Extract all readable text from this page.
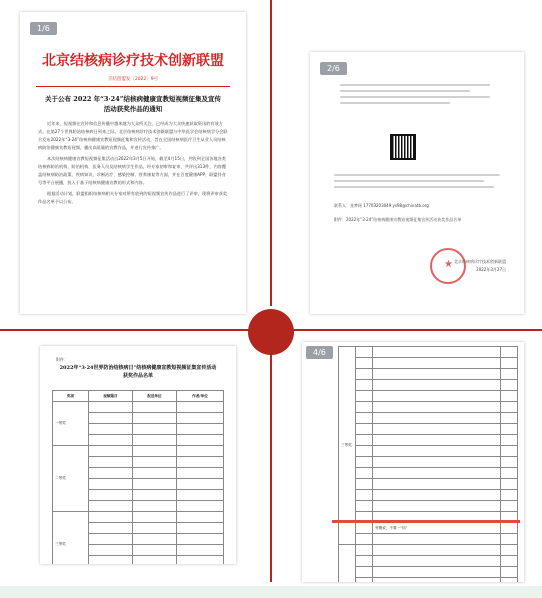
1/6
北京结核病诊疗技术创新联盟
京结创盟发〔2022〕9号
关于公布 2022 年“3·24”结核病健康宣教短视频征集及宣传活动获奖作品的通知

近年来，短视频在宣传和信息传播中越来越为大众所关注，已经成为大众快速获取资讯的有效方式。在第27个世界防治结核病日到来之际，北京结核病诊疗技术创新联盟与中华医学会结核病学分会联合发布2022年“3·24”结核病健康宣教短视频征集和宣传活动，旨在全国结核病医疗卫生从业人员结核病防治健康宣教短视频，播出高质量的宣教作品，并进行宣传推广。

本次结核病健康宣教短视频征集活动自2022年3月5日开始，截至4月15日，共收到全国各地各类结核病防治机构、防治机构、医务人员及结核病学生作品，经专家初审和复审，共评出313件，内容覆盖结核病防治政策、疾病知识、诊断治疗、感染控制、营养康复等方面，并在百度健康APP、联盟抖音号等平台展播，投入于基于结核病健康宣教的形式和内容。

根据活动计划，联盟组织结核病相关专家对所有收到的短视频宣传作品进行了评审，现将评审获奖作品名单予以公布。

2/6
联系人：张梦瑶 17703203049 ys98@chinatb.org
附件：2022年“3·24”结核病健康宣教短视频征集宣传活动获奖作品名单
★ 北京结核病诊疗技术创新联盟
2022年3月27日
附件：
2022年“3·24世界防治结核病日”结核病健康宣教短视频征集宣传活动获奖作品名单
奖项	视频题目	报送单位	作者/单位
一等奖			

二等奖			

三等奖			

4/6
三等奖			

		劳模说，不要一“结”	
